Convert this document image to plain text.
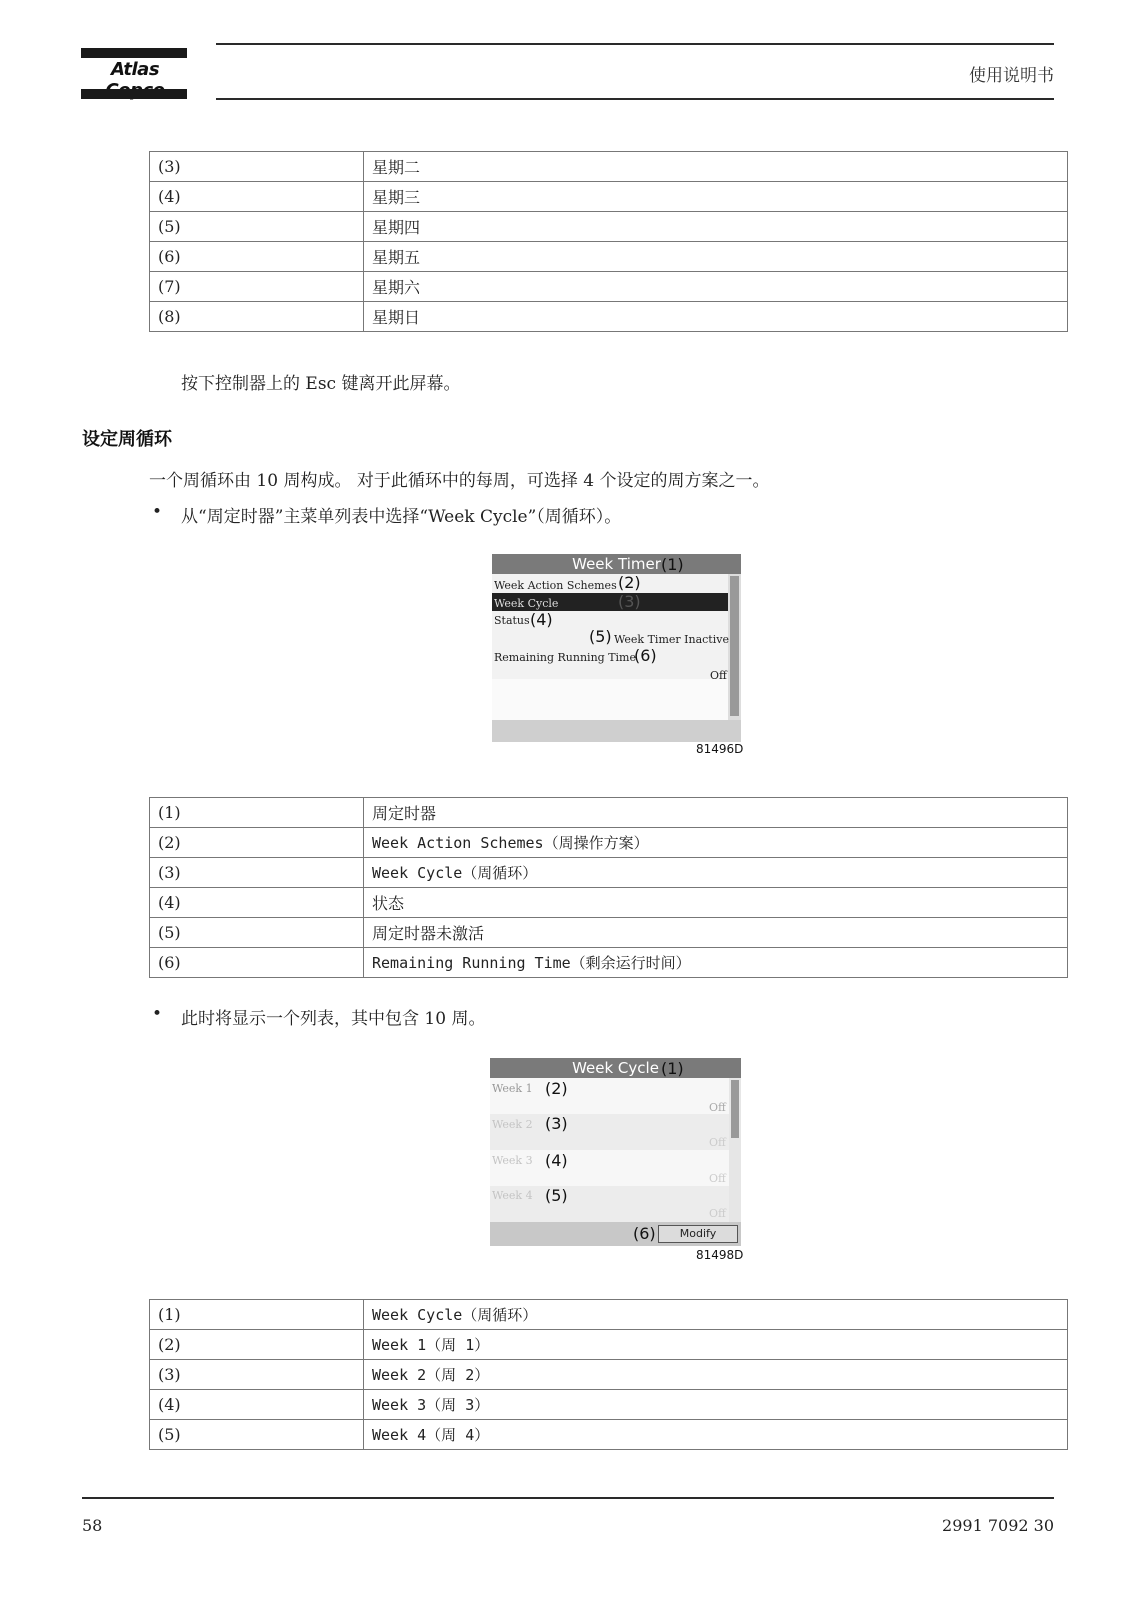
Atlas	使用说明书
(3)	星期二
(4)	星期三
(5)	星期四
(6)	星期五
(7)	星期六
(8)	星期日
按下控制器上的 Esc 键离开此屏幕。
设定周循环
一个周循环由 10 周构成。 对于此循环中的每周，可选择 4 个设定的周方案之一。
• 从“周定时器”主菜单列表中选择“Week Cycle”（周循环）。
Week Timer (1)
Week Action Schemes (2)
Week Cycle	(3)
Status (4)
(5) Week Timer Inactive
Remaining Running Time
(6)
Off
81496D
(1)	周定时器
(2)	Week Action Schemes（周操作方案）
(3)	Week Cycle（周循环）
(4)	状态
(5)	周定时器未激活
(6)	Remaining Running Time（剩余运行时间）
• 此时将显示一个列表，其中包含 10 周。
Week Cycle
Modify
(1)
Week 1 (2)
Off
Week 2 (3)
Off
Week 3 (4)
Off
Week 4 (5)
Off
(6)
81498D
(1)	Week Cycle（周循环）
(2)	Week 1（周 1）
(3)	Week 2（周 2）
(4)	Week 3（周 3）
(5)	Week 4（周 4）
58	2991 7092 30
